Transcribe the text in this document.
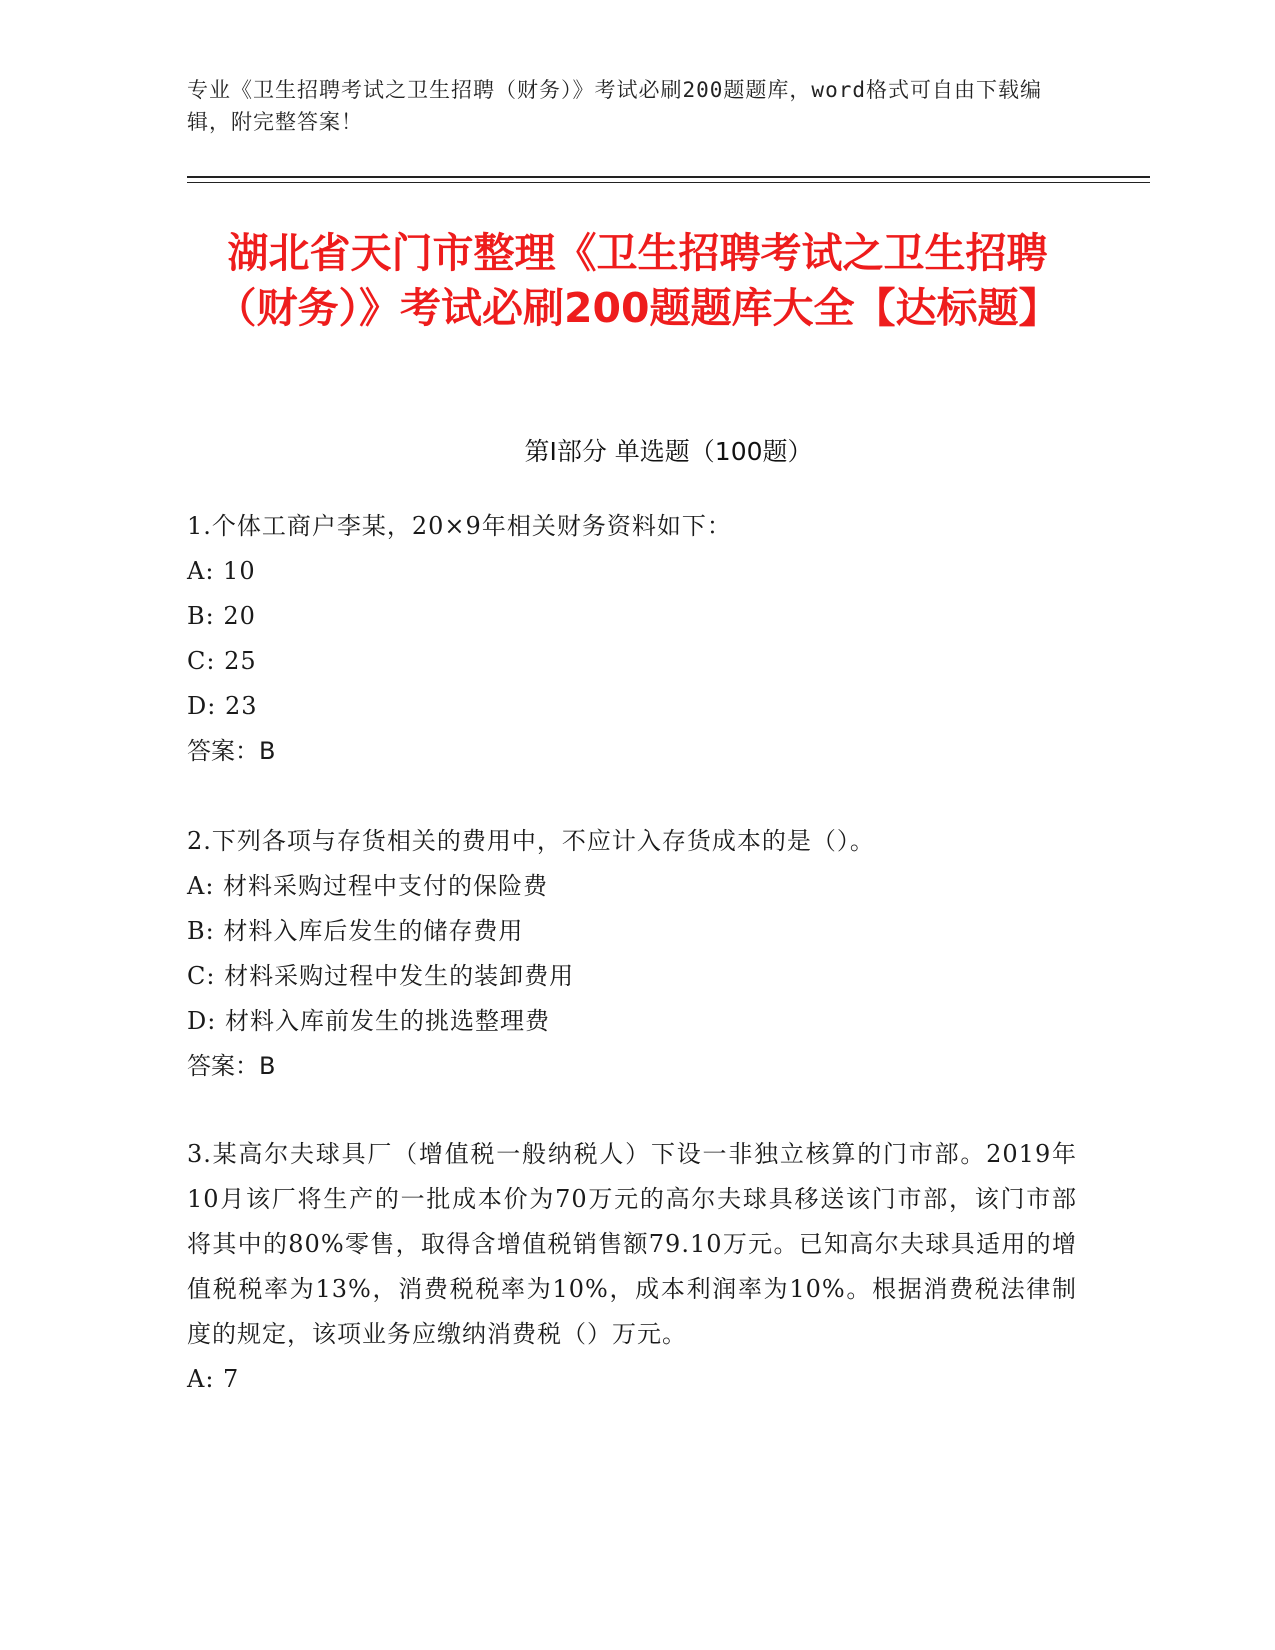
专业《卫生招聘考试之卫生招聘（财务）》考试必刷200题题库，word格式可自由下载编辑，附完整答案！
湖北省天门市整理《卫生招聘考试之卫生招聘（财务）》考试必刷200题题库大全【达标题】
第Ⅰ部分 单选题（100题）

1.个体工商户李某，20×9年相关财务资料如下：

A: 10

B: 20

C: 25

D: 23

答案：B

2.下列各项与存货相关的费用中，不应计入存货成本的是（）。

A: 材料采购过程中支付的保险费

B: 材料入库后发生的储存费用

C: 材料采购过程中发生的装卸费用

D: 材料入库前发生的挑选整理费

答案：B

3.某高尔夫球具厂（增值税一般纳税人）下设一非独立核算的门市部。2019年10月该厂将生产的一批成本价为70万元的高尔夫球具移送该门市部，该门市部将其中的80%零售，取得含增值税销售额79.10万元。已知高尔夫球具适用的增值税税率为13%，消费税税率为10%，成本利润率为10%。根据消费税法律制度的规定，该项业务应缴纳消费税（）万元。

A: 7
